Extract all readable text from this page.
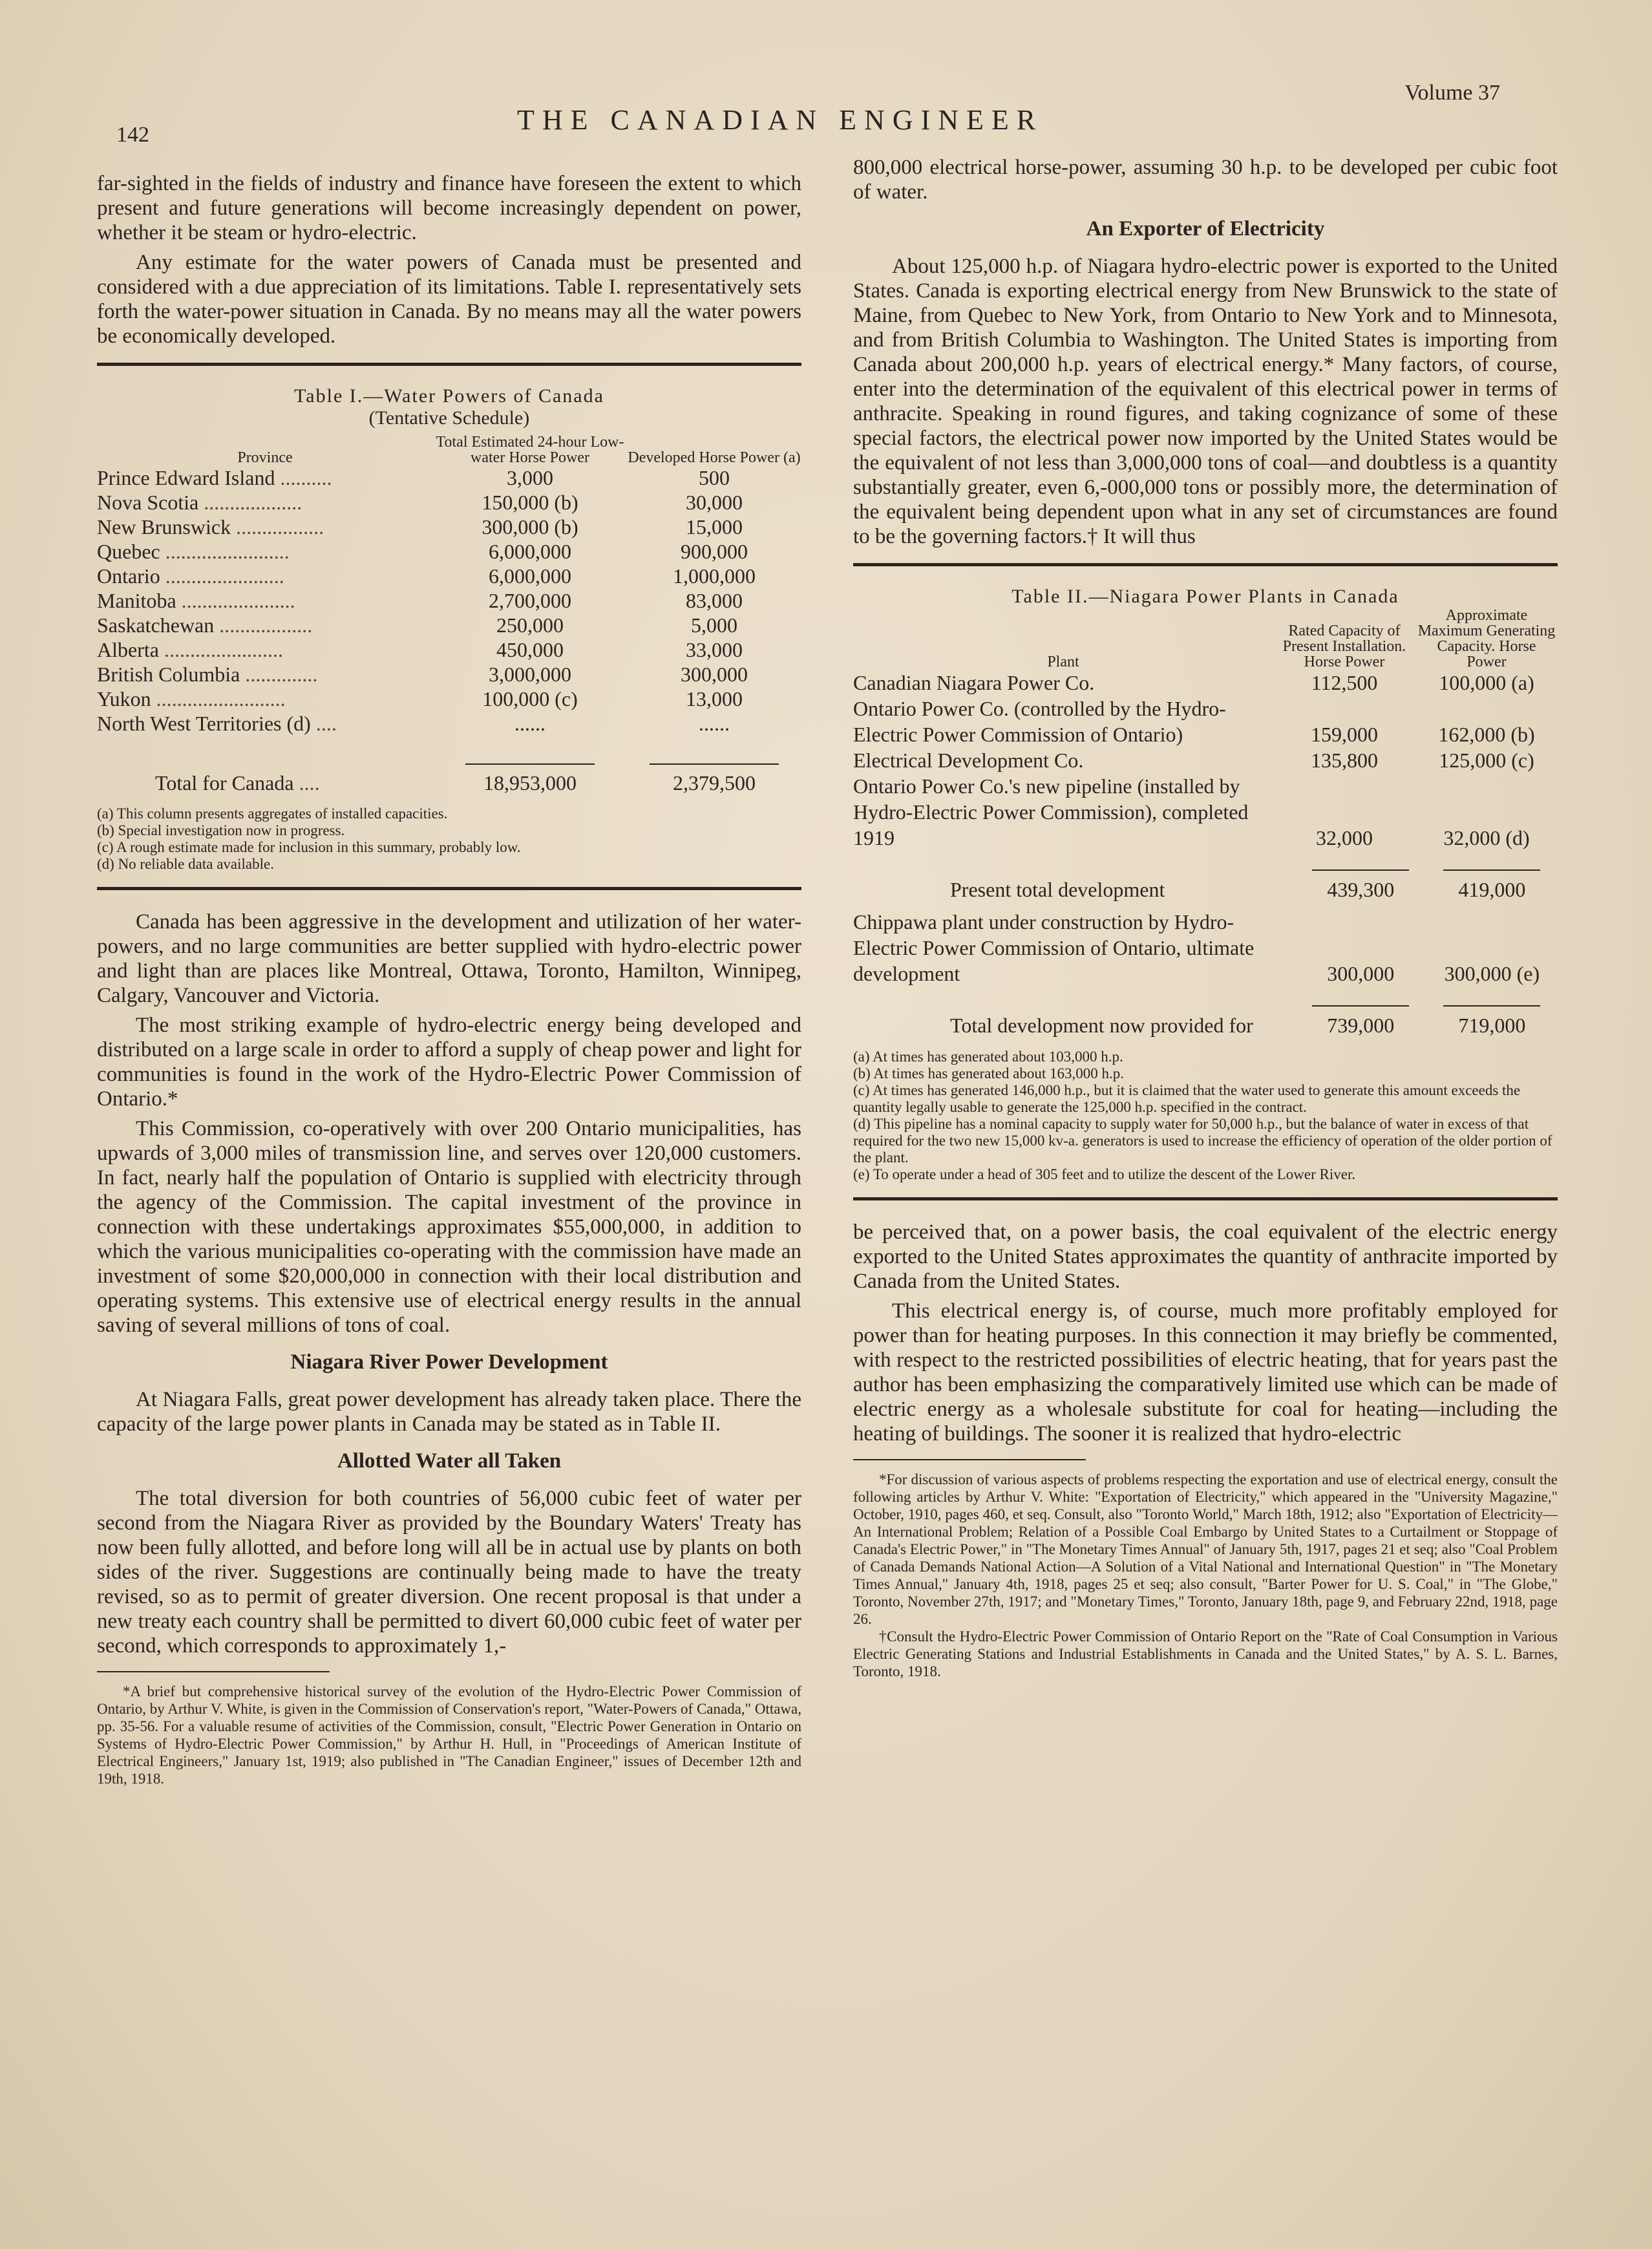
142	THE CANADIAN ENGINEER
Volume 37

far-sighted in the fields of industry and finance have foreseen the extent to which present and future generations will become increasingly dependent on power, whether it be steam or hydro-electric.

Any estimate for the water powers of Canada must be presented and considered with a due appreciation of its limitations. Table I. representatively sets forth the water-power situation in Canada. By no means may all the water powers be economically developed.

Table I.—Water Powers of Canada
(Tentative Schedule)
Province	Total Estimated 24-hour Low-water Horse Power	Developed Horse Power (a)
Prince Edward Island ..........	3,000	500
Nova Scotia ...................	150,000 (b)	30,000
New Brunswick .................	300,000 (b)	15,000
Quebec ........................	6,000,000	900,000
Ontario .......................	6,000,000	1,000,000
Manitoba ......................	2,700,000	83,000
Saskatchewan ..................	250,000	5,000
Alberta .......................	450,000	33,000
British Columbia ..............	3,000,000	300,000
Yukon .........................	100,000 (c)	13,000
North West Territories (d) ....	......	......

Total for Canada ....	18,953,000	2,379,500
(a) This column presents aggregates of installed capacities.
(b) Special investigation now in progress.
(c) A rough estimate made for inclusion in this summary, probably low.
(d) No reliable data available.

Canada has been aggressive in the development and utilization of her water-powers, and no large communities are better supplied with hydro-electric power and light than are places like Montreal, Ottawa, Toronto, Hamilton, Winnipeg, Calgary, Vancouver and Victoria.

The most striking example of hydro-electric energy being developed and distributed on a large scale in order to afford a supply of cheap power and light for communities is found in the work of the Hydro-Electric Power Commission of Ontario.*

This Commission, co-operatively with over 200 Ontario municipalities, has upwards of 3,000 miles of transmission line, and serves over 120,000 customers. In fact, nearly half the population of Ontario is supplied with electricity through the agency of the Commission. The capital investment of the province in connection with these undertakings approximates $55,000,000, in addition to which the various municipalities co-operating with the commission have made an investment of some $20,000,000 in connection with their local distribution and operating systems. This extensive use of electrical energy results in the annual saving of several millions of tons of coal.

Niagara River Power Development

At Niagara Falls, great power development has already taken place. There the capacity of the large power plants in Canada may be stated as in Table II.

Allotted Water all Taken

The total diversion for both countries of 56,000 cubic feet of water per second from the Niagara River as provided by the Boundary Waters' Treaty has now been fully allotted, and before long will all be in actual use by plants on both sides of the river. Suggestions are continually being made to have the treaty revised, so as to permit of greater diversion. One recent proposal is that under a new treaty each country shall be permitted to divert 60,000 cubic feet of water per second, which corresponds to approximately 1,-

*A brief but comprehensive historical survey of the evolution of the Hydro-Electric Power Commission of Ontario, by Arthur V. White, is given in the Commission of Conservation's report, "Water-Powers of Canada," Ottawa, pp. 35-56. For a valuable resume of activities of the Commission, consult, "Electric Power Generation in Ontario on Systems of Hydro-Electric Power Commission," by Arthur H. Hull, in "Proceedings of American Institute of Electrical Engineers," January 1st, 1919; also published in "The Canadian Engineer," issues of December 12th and 19th, 1918.

800,000 electrical horse-power, assuming 30 h.p. to be developed per cubic foot of water.

An Exporter of Electricity

About 125,000 h.p. of Niagara hydro-electric power is exported to the United States. Canada is exporting electrical energy from New Brunswick to the state of Maine, from Quebec to New York, from Ontario to New York and to Minnesota, and from British Columbia to Washington. The United States is importing from Canada about 200,000 h.p. years of electrical energy.* Many factors, of course, enter into the determination of the equivalent of this electrical power in terms of anthracite. Speaking in round figures, and taking cognizance of some of these special factors, the electrical power now imported by the United States would be the equivalent of not less than 3,000,000 tons of coal—and doubtless is a quantity substantially greater, even 6,-000,000 tons or possibly more, the determination of the equivalent being dependent upon what in any set of circumstances are found to be the governing factors.† It will thus

Table II.—Niagara Power Plants in Canada
Plant	Rated Capacity of Present Installation. Horse Power	Approximate Maximum Generating Capacity. Horse Power
Canadian Niagara Power Co.	112,500	100,000 (a)
Ontario Power Co. (controlled by the Hydro-Electric Power Commission of Ontario)	159,000	162,000 (b)
Electrical Development Co.	135,800	125,000 (c)
Ontario Power Co.'s new pipeline (installed by Hydro-Electric Power Commission), completed 1919	32,000	32,000 (d)

Present total development	439,300	419,000
Chippawa plant under construction by Hydro-Electric Power Commission of Ontario, ultimate development	300,000	300,000 (e)

Total development now provided for	739,000	719,000
(a) At times has generated about 103,000 h.p.
(b) At times has generated about 163,000 h.p.
(c) At times has generated 146,000 h.p., but it is claimed that the water used to generate this amount exceeds the quantity legally usable to generate the 125,000 h.p. specified in the contract.
(d) This pipeline has a nominal capacity to supply water for 50,000 h.p., but the balance of water in excess of that required for the two new 15,000 kv-a. generators is used to increase the efficiency of operation of the older portion of the plant.
(e) To operate under a head of 305 feet and to utilize the descent of the Lower River.

be perceived that, on a power basis, the coal equivalent of the electric energy exported to the United States approximates the quantity of anthracite imported by Canada from the United States.

This electrical energy is, of course, much more profitably employed for power than for heating purposes. In this connection it may briefly be commented, with respect to the restricted possibilities of electric heating, that for years past the author has been emphasizing the comparatively limited use which can be made of electric energy as a wholesale substitute for coal for heating—including the heating of buildings. The sooner it is realized that hydro-electric

*For discussion of various aspects of problems respecting the exportation and use of electrical energy, consult the following articles by Arthur V. White: "Exportation of Electricity," which appeared in the "University Magazine," October, 1910, pages 460, et seq. Consult, also "Toronto World," March 18th, 1912; also "Exportation of Electricity—An International Problem; Relation of a Possible Coal Embargo by United States to a Curtailment or Stoppage of Canada's Electric Power," in "The Monetary Times Annual" of January 5th, 1917, pages 21 et seq; also "Coal Problem of Canada Demands National Action—A Solution of a Vital National and International Question" in "The Monetary Times Annual," January 4th, 1918, pages 25 et seq; also consult, "Barter Power for U. S. Coal," in "The Globe," Toronto, November 27th, 1917; and "Monetary Times," Toronto, January 18th, page 9, and February 22nd, 1918, page 26.

†Consult the Hydro-Electric Power Commission of Ontario Report on the "Rate of Coal Consumption in Various Electric Generating Stations and Industrial Establishments in Canada and the United States," by A. S. L. Barnes, Toronto, 1918.
